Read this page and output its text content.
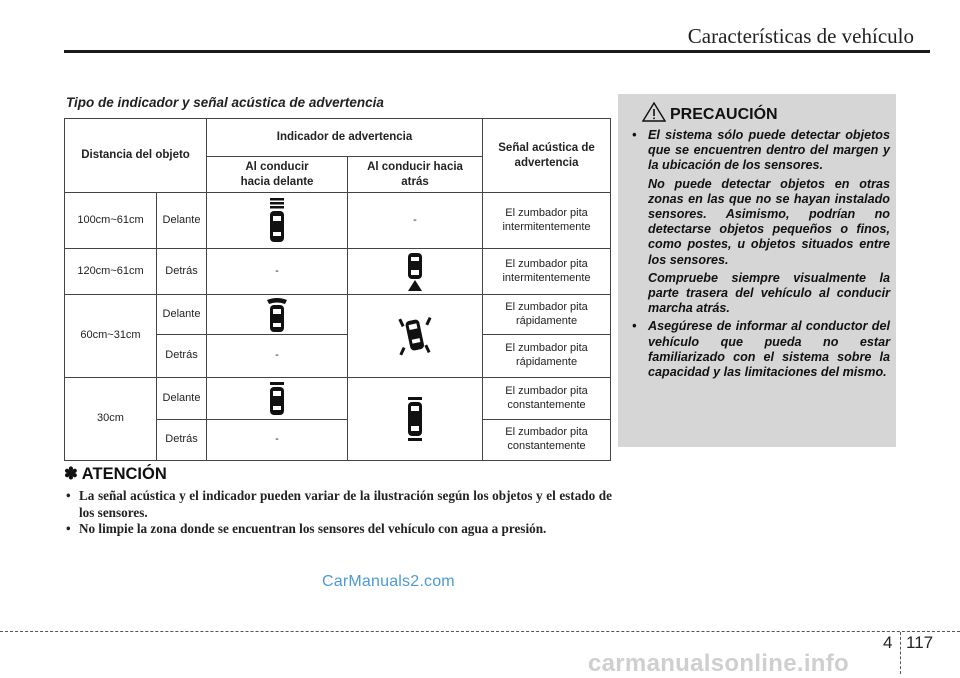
Características de vehículo
Tipo de indicador y señal acústica de advertencia
Distancia del objeto		Indicador de advertencia		Señal acústica de
advertencia
		Al conducir
hacia delante	Al conducir hacia
atrás	
100cm~61cm	Delante		-	El zumbador pita
intermitentemente
120cm~61cm	Detrás	-		El zumbador pita
intermitentemente
60cm~31cm	Delante			El zumbador pita
rápidamente
	Detrás	-		El zumbador pita
rápidamente
30cm	Delante			El zumbador pita
constantemente
	Detrás	-		El zumbador pita
constantemente
PRECAUCIÓN
• El sistema sólo puede detectar objetos que se encuentren dentro del margen y la ubicación de los sensores.
No puede detectar objetos en otras zonas en las que no se hayan instalado sensores. Asimismo, podrían no detectarse objetos pequeños o finos, como postes, u objetos situados entre los sensores.
Compruebe siempre visualmente la parte trasera del vehículo al conducir marcha atrás.
• Asegúrese de informar al conductor del vehículo que pueda no estar familiarizado con el sistema sobre la capacidad y las limitaciones del mismo.
✽ ATENCIÓN
• La señal acústica y el indicador pueden variar de la ilustración según los objetos y el estado de los sensores.
• No limpie la zona donde se encuentran los sensores del vehículo con agua a presión.
CarManuals2.com
4 117
carmanualsonline.info
